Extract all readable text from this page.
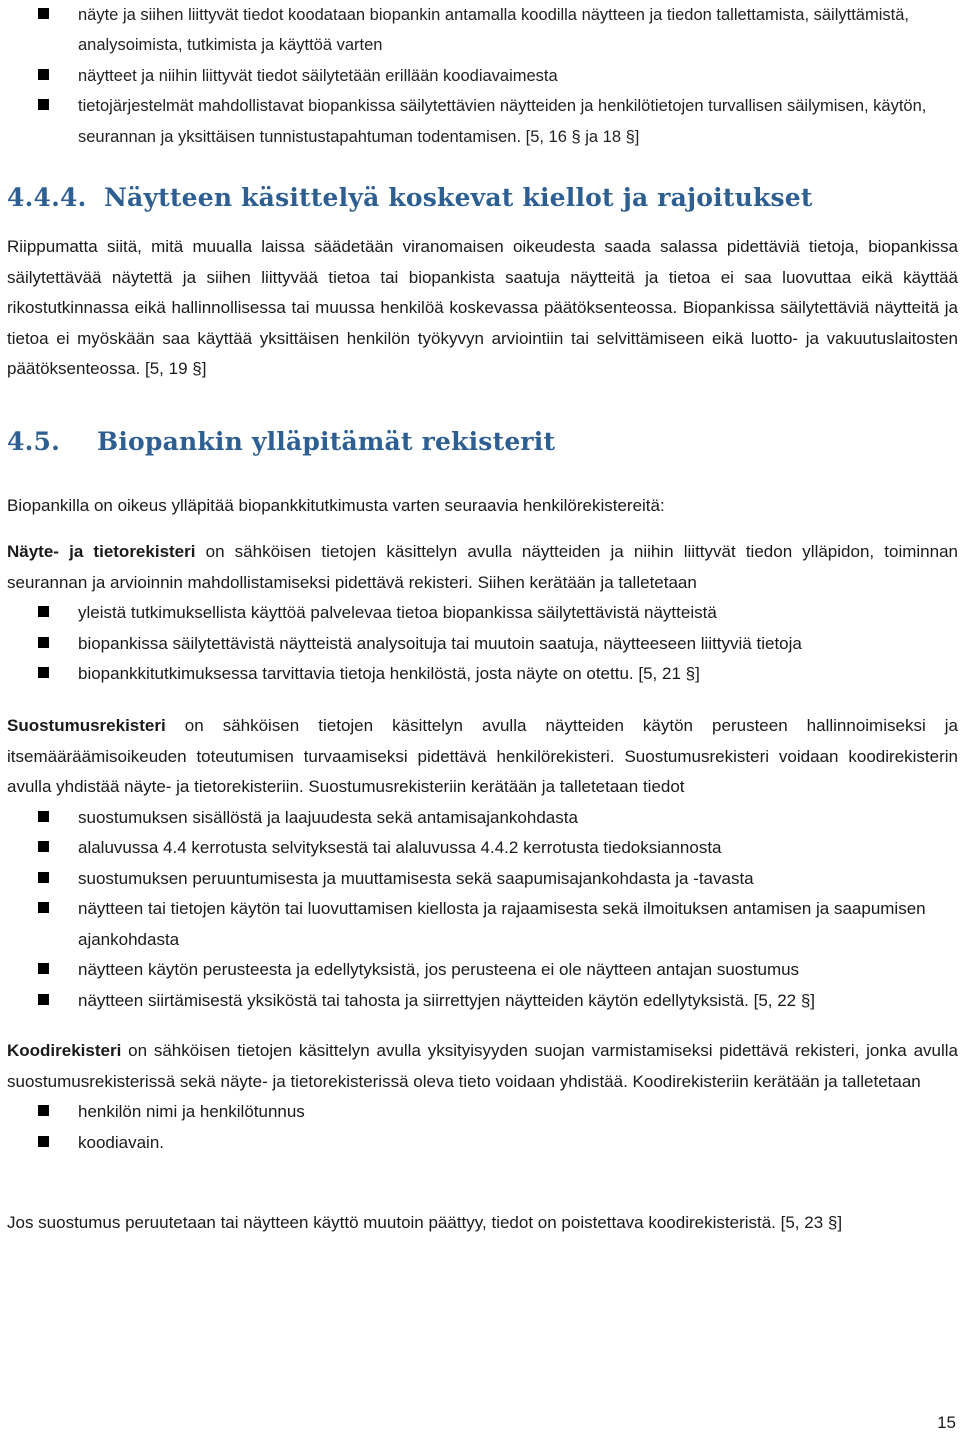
näyte ja siihen liittyvät tiedot koodataan biopankin antamalla koodilla näytteen ja tiedon tallettamista, säilyttämistä, analysoimista, tutkimista ja käyttöä varten
näytteet ja niihin liittyvät tiedot säilytetään erillään koodiavaimesta
tietojärjestelmät mahdollistavat biopankissa säilytettävien näytteiden ja henkilötietojen turvallisen säilymisen, käytön, seurannan ja yksittäisen tunnistustapahtuman todentamisen. [5, 16 § ja 18 §]
4.4.4. Näytteen käsittelyä koskevat kiellot ja rajoitukset

Riippumatta siitä, mitä muualla laissa säädetään viranomaisen oikeudesta saada salassa pidettäviä tietoja, biopankissa säilytettävää näytettä ja siihen liittyvää tietoa tai biopankista saatuja näytteitä ja tietoa ei saa luovuttaa eikä käyttää rikostutkinnassa eikä hallinnollisessa tai muussa henkilöä koskevassa päätöksenteossa. Biopankissa säilytettäviä näytteitä ja tietoa ei myöskään saa käyttää yksittäisen henkilön työkyvyn arviointiin tai selvittämiseen eikä luotto- ja vakuutuslaitosten päätöksenteossa. [5, 19 §]

4.5. Biopankin ylläpitämät rekisterit

Biopankilla on oikeus ylläpitää biopankkitutkimusta varten seuraavia henkilörekistereitä:

Näyte- ja tietorekisteri on sähköisen tietojen käsittelyn avulla näytteiden ja niihin liittyvät tiedon ylläpidon, toiminnan seurannan ja arvioinnin mahdollistamiseksi pidettävä rekisteri. Siihen kerätään ja talletetaan

yleistä tutkimuksellista käyttöä palvelevaa tietoa biopankissa säilytettävistä näytteistä
biopankissa säilytettävistä näytteistä analysoituja tai muutoin saatuja, näytteeseen liittyviä tietoja
biopankkitutkimuksessa tarvittavia tietoja henkilöstä, josta näyte on otettu. [5, 21 §]

Suostumusrekisteri on sähköisen tietojen käsittelyn avulla näytteiden käytön perusteen hallinnoimiseksi ja itsemääräämisoikeuden toteutumisen turvaamiseksi pidettävä henkilörekisteri. Suostumusrekisteri voidaan koodirekisterin avulla yhdistää näyte- ja tietorekisteriin. Suostumusrekisteriin kerätään ja talletetaan tiedot

suostumuksen sisällöstä ja laajuudesta sekä antamisajankohdasta
alaluvussa 4.4 kerrotusta selvityksestä tai alaluvussa 4.4.2 kerrotusta tiedoksiannosta
suostumuksen peruuntumisesta ja muuttamisesta sekä saapumisajankohdasta ja -tavasta
näytteen tai tietojen käytön tai luovuttamisen kiellosta ja rajaamisesta sekä ilmoituksen antamisen ja saapumisen ajankohdasta
näytteen käytön perusteesta ja edellytyksistä, jos perusteena ei ole näytteen antajan suostumus
näytteen siirtämisestä yksiköstä tai tahosta ja siirrettyjen näytteiden käytön edellytyksistä. [5, 22 §]

Koodirekisteri on sähköisen tietojen käsittelyn avulla yksityisyyden suojan varmistamiseksi pidettävä rekisteri, jonka avulla suostumusrekisterissä sekä näyte- ja tietorekisterissä oleva tieto voidaan yhdistää. Koodirekisteriin kerätään ja talletetaan

henkilön nimi ja henkilötunnus
koodiavain.

Jos suostumus peruutetaan tai näytteen käyttö muutoin päättyy, tiedot on poistettava koodirekisteristä. [5, 23 §]

15
